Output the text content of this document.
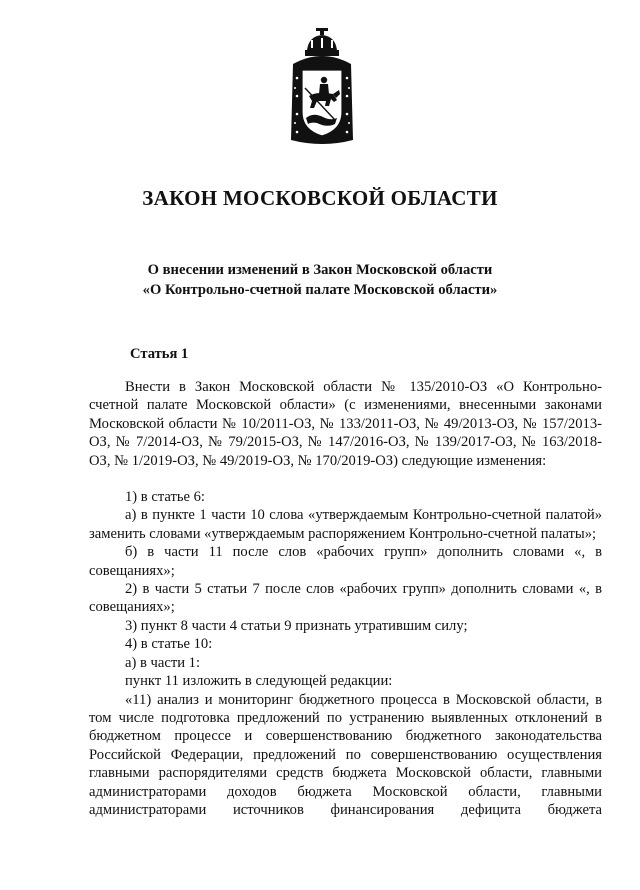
ЗАКОН МОСКОВСКОЙ ОБЛАСТИ
О внесении изменений в Закон Московской области
«О Контрольно-счетной палате Московской области»
Статья 1

Внести в Закон Московской области № 135/2010-ОЗ «О Контрольно-счетной палате Московской области» (с изменениями, внесенными законами Московской области № 10/2011-ОЗ, № 133/2011-ОЗ, № 49/2013-ОЗ, № 157/2013-ОЗ, № 7/2014-ОЗ, № 79/2015-ОЗ, № 147/2016-ОЗ, № 139/2017-ОЗ, № 163/2018-ОЗ, № 1/2019-ОЗ, № 49/2019-ОЗ, № 170/2019-ОЗ) следующие изменения:

1) в статье 6:

а) в пункте 1 части 10 слова «утверждаемым Контрольно-счетной палатой» заменить словами «утверждаемым распоряжением Контрольно-счетной палаты»;

б) в части 11 после слов «рабочих групп» дополнить словами «, в совещаниях»;

2) в части 5 статьи 7 после слов «рабочих групп» дополнить словами «, в совещаниях»;

3) пункт 8 части 4 статьи 9 признать утратившим силу;

4) в статье 10:

а) в части 1:

пункт 11 изложить в следующей редакции:

«11) анализ и мониторинг бюджетного процесса в Московской области, в том числе подготовка предложений по устранению выявленных отклонений в бюджетном процессе и совершенствованию бюджетного законодательства Российской Федерации, предложений по совершенствованию осуществления главными распорядителями средств бюджета Московской области, главными администраторами доходов бюджета Московской области, главными администраторами источников финансирования дефицита бюджета
